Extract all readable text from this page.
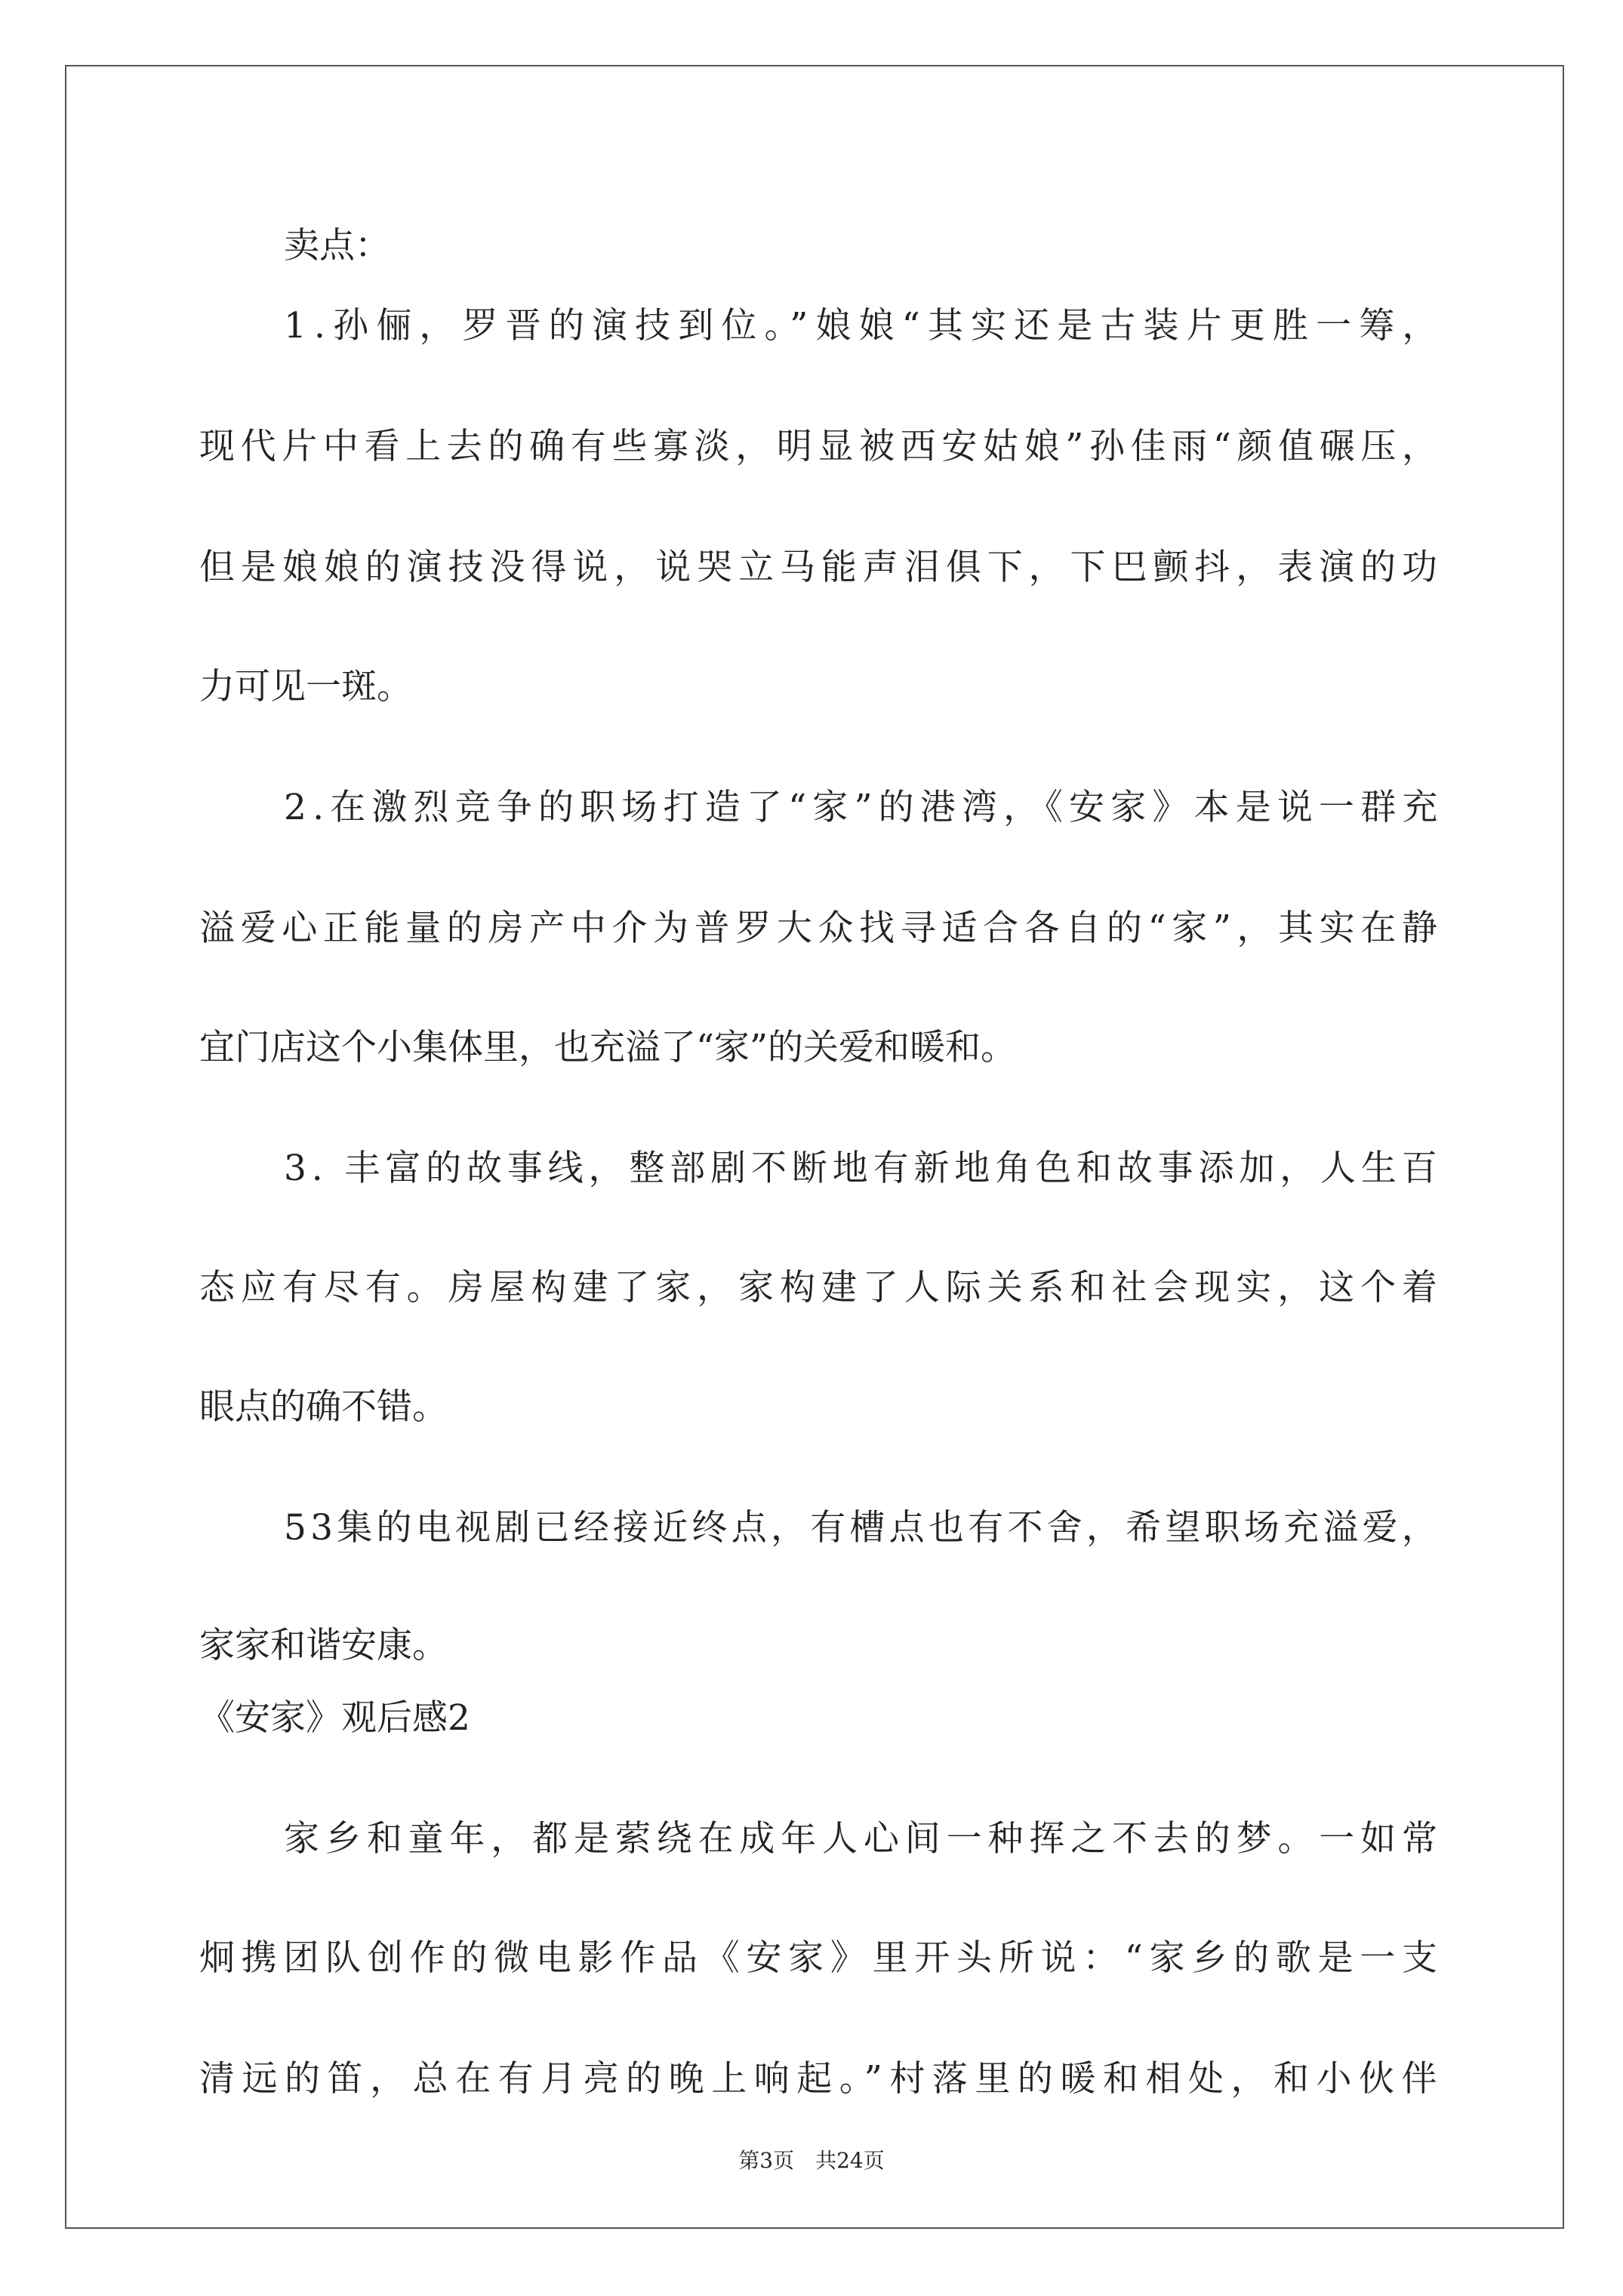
卖点：
1.孙俪，罗晋的演技到位。”娘娘“其实还是古装片更胜一筹，
现代片中看上去的确有些寡淡，明显被西安姑娘”孙佳雨“颜值碾压，
但是娘娘的演技没得说，说哭立马能声泪俱下，下巴颤抖，表演的功
力可见一斑。
2.在激烈竞争的职场打造了“家”的港湾，《安家》本是说一群充
溢爱心正能量的房产中介为普罗大众找寻适合各自的“家”，其实在静
宜门店这个小集体里，也充溢了“家”的关爱和暖和。
3. 丰富的故事线，整部剧不断地有新地角色和故事添加，人生百
态应有尽有。房屋构建了家，家构建了人际关系和社会现实，这个着
眼点的确不错。
53集的电视剧已经接近终点，有槽点也有不舍，希望职场充溢爱，
家家和谐安康。
《安家》观后感2
家乡和童年，都是萦绕在成年人心间一种挥之不去的梦。一如常
炯携团队创作的微电影作品《安家》里开头所说：“家乡的歌是一支
清远的笛，总在有月亮的晚上响起。”村落里的暖和相处，和小伙伴
第3页　共24页
